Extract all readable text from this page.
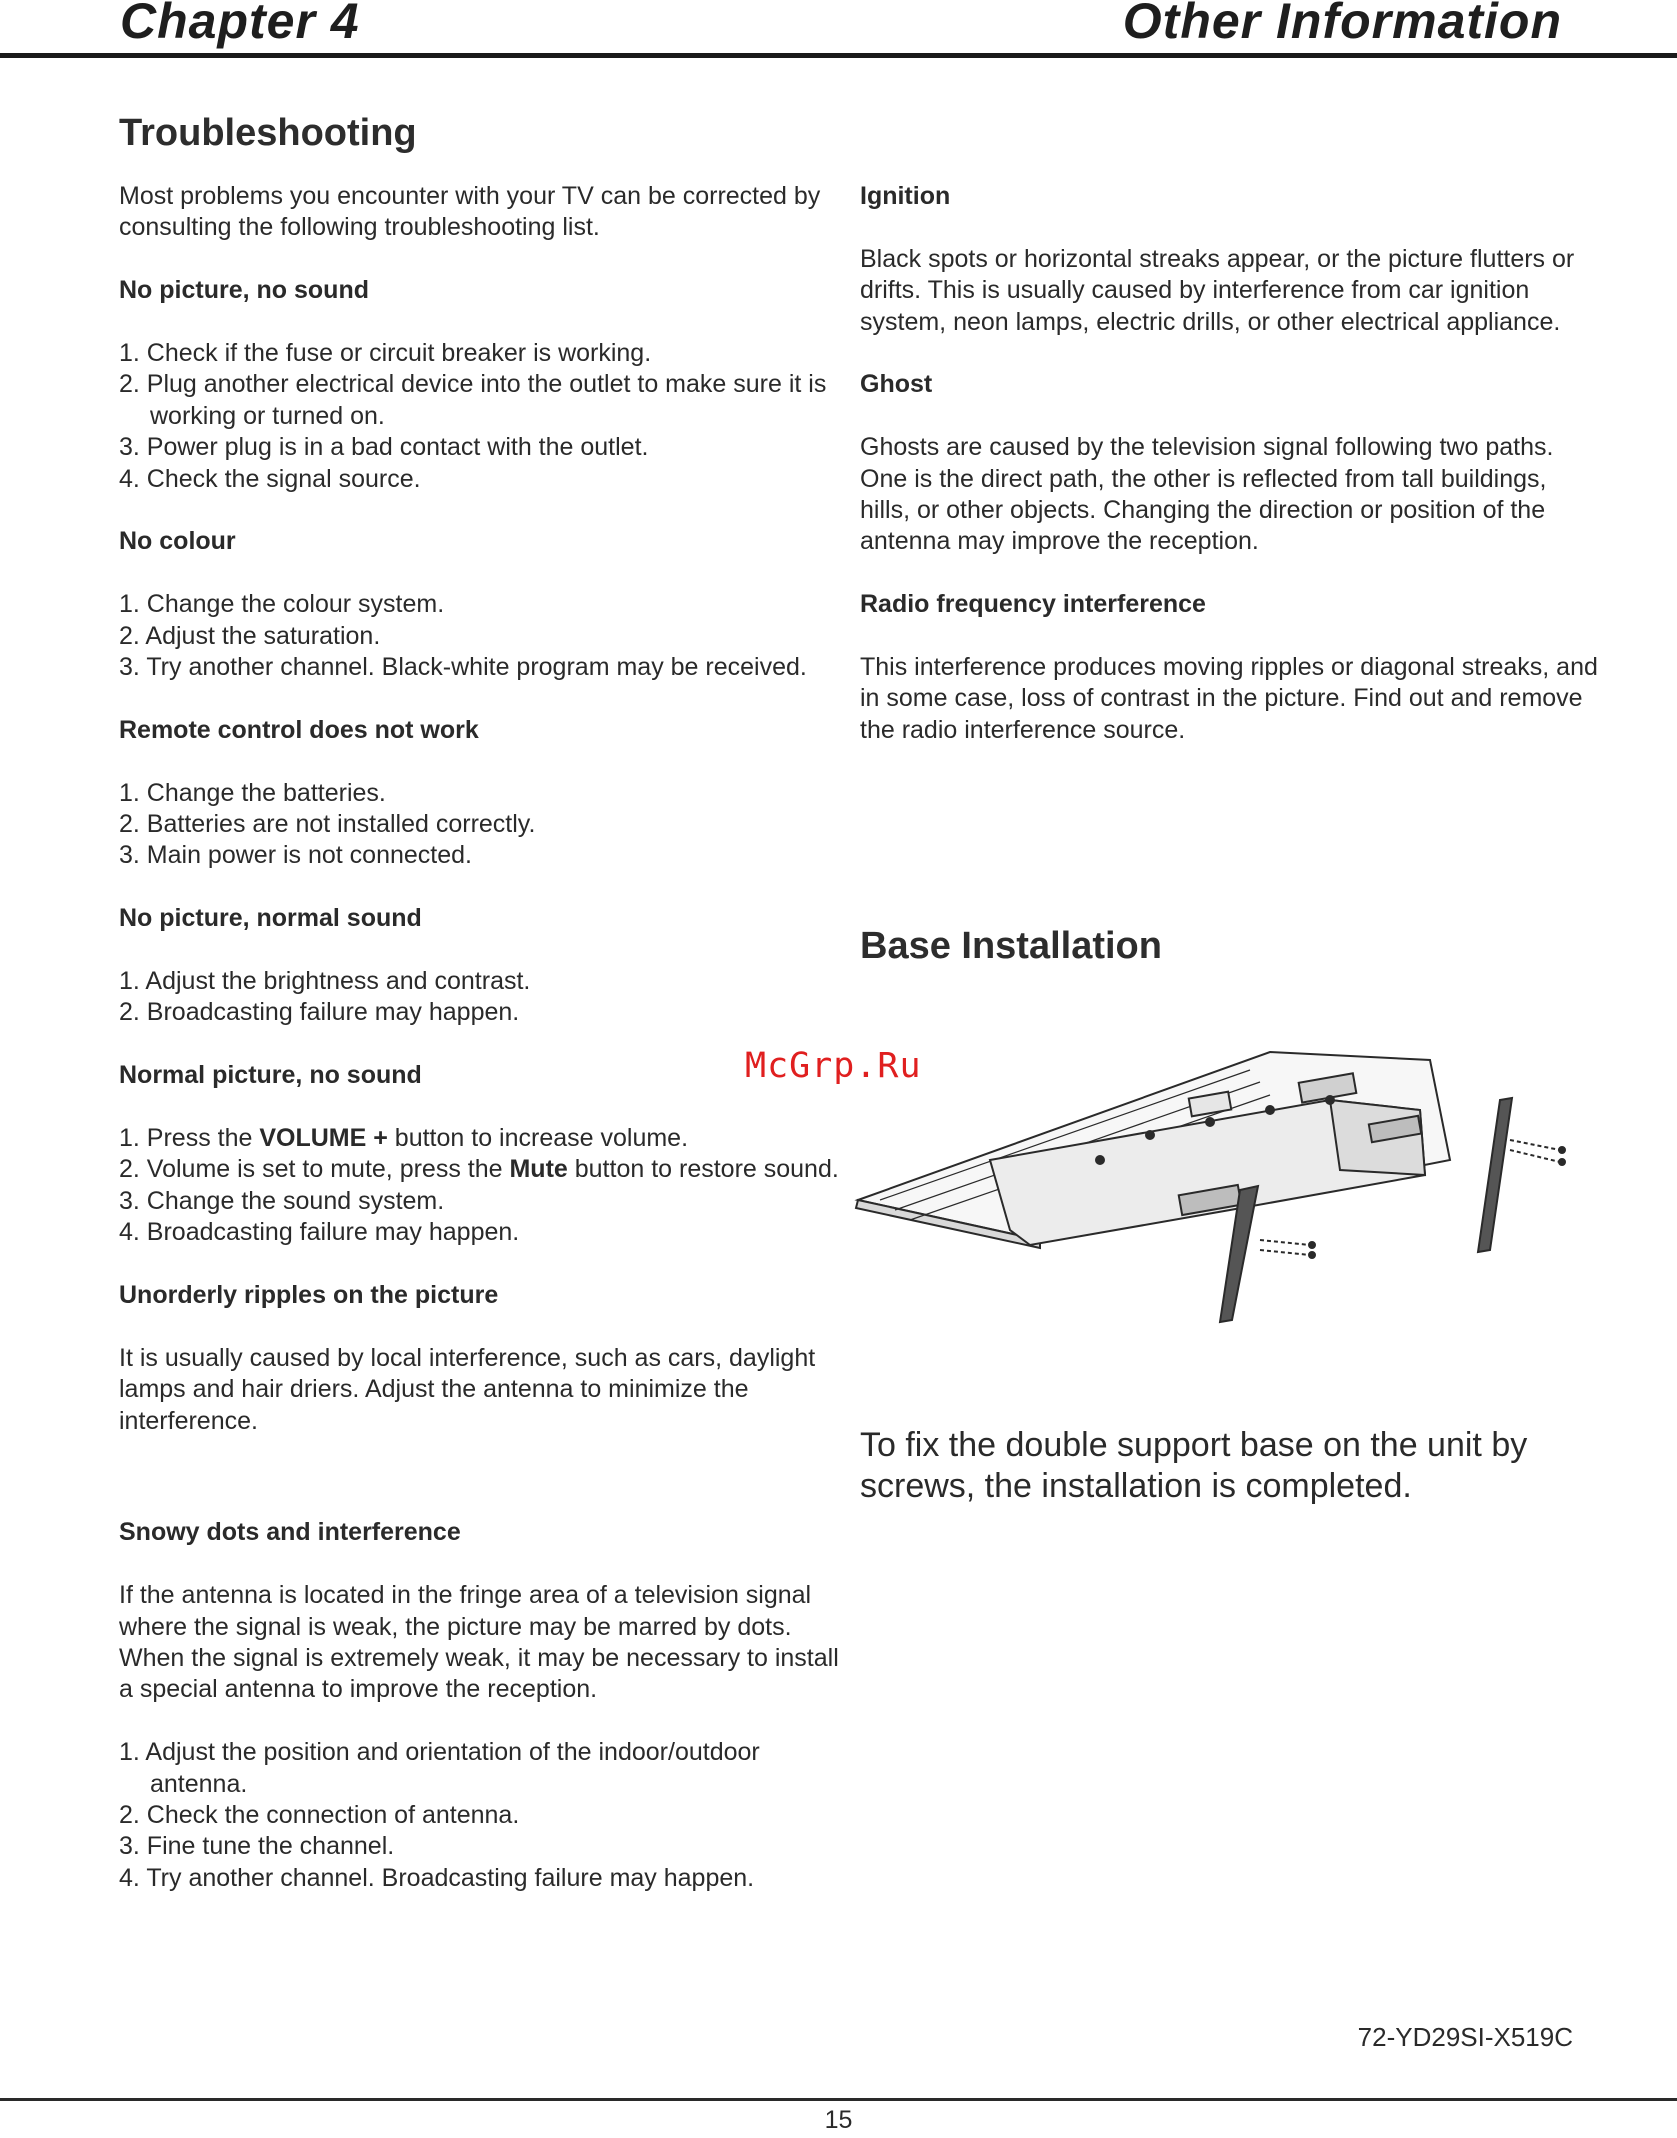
Chapter 4	Other Information
Troubleshooting

Most problems you encounter with your TV can be corrected by consulting the following troubleshooting list.

No picture, no sound

1. Check if the fuse or circuit breaker is working.

2. Plug another electrical device into the outlet to make sure it is working or turned on.

3. Power plug is in a bad contact with the outlet.

4. Check the signal source.

No colour

1. Change the colour system.

2. Adjust the saturation.

3. Try another channel. Black-white program may be received.

Remote control does not work

1. Change the batteries.

2. Batteries are not installed correctly.

3. Main power is not connected.

No picture, normal sound

1. Adjust the brightness and contrast.

2. Broadcasting failure may happen.

Normal picture, no sound

1. Press the VOLUME + button to increase volume.

2. Volume is set to mute, press the Mute button to restore sound.

3. Change the sound system.

4. Broadcasting failure may happen.

Unorderly ripples on the picture

It is usually caused by local interference, such as cars, daylight lamps and hair driers. Adjust the antenna to minimize the interference.

Snowy dots and interference

If the antenna is located in the fringe area of a television signal where the signal is weak, the picture may be marred by dots. When the signal is extremely weak, it may be necessary to install a special antenna to improve the reception.

1. Adjust the position and orientation of the indoor/outdoor antenna.

2. Check the connection of antenna.

3. Fine tune the channel.

4. Try another channel. Broadcasting failure may happen.

Ignition

Black spots or horizontal streaks appear, or the picture flutters or drifts. This is usually caused by interference from car ignition system, neon lamps, electric drills, or other electrical appliance.

Ghost

Ghosts are caused by the television signal following two paths. One is the direct path, the other is reflected from tall buildings, hills, or other objects. Changing the direction or position of the antenna may improve the reception.

Radio frequency interference

This interference produces moving ripples or diagonal streaks, and in some case, loss of contrast in the picture. Find out and remove the radio interference source.

Base Installation
McGrp.Ru

To fix the double support base on the unit by screws, the installation is completed.

72-YD29SI-X519C
15
